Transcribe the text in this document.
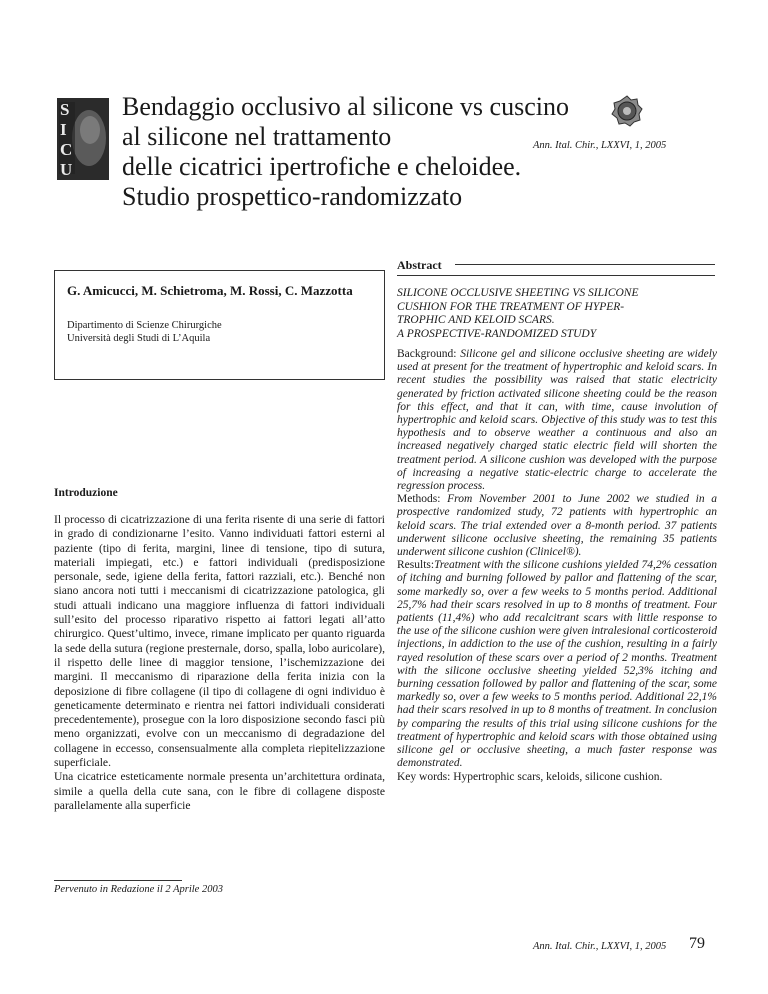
S
I
C
U
Bendaggio occlusivo al silicone vs cuscino
al silicone nel trattamento
delle cicatrici ipertrofiche e cheloidee.
Studio prospettico-randomizzato
Ann. Ital. Chir., LXXVI, 1, 2005
G. Amicucci, M. Schietroma, M. Rossi, C. Mazzotta
Dipartimento di Scienze Chirurgiche
Università degli Studi di L’Aquila
Introduzione

Il processo di cicatrizzazione di una ferita risente di una serie di fattori in grado di condizionarne l’esito. Vanno individuati fattori esterni al paziente (tipo di ferita, margini, linee di tensione, tipo di sutura, materiali impiegati, etc.) e fattori individuali (predisposizione personale, sede, igiene della ferita, fattori razziali, etc.). Benché non siano ancora noti tutti i meccanismi di cicatrizzazione patologica, gli studi attuali indicano una maggiore influenza di fattori individuali sull’esito del processo riparativo rispetto ai fattori legati all’atto chirurgico. Quest’ultimo, invece, rimane implicato per quanto riguarda la sede della sutura (regione presternale, dorso, spalla, lobo auricolare), il rispetto delle linee di maggior tensione, l’ischemizzazione dei margini. Il meccanismo di riparazione della ferita inizia con la deposizione di fibre collagene (il tipo di collagene di ogni individuo è geneticamente determinato e rientra nei fattori individuali considerati precedentemente), prosegue con la loro disposizione secondo fasci più meno organizzati, evolve con un meccanismo di degradazione del collagene in eccesso, consensualmente alla completa riepitelizzazione superficiale.

Una cicatrice esteticamente normale presenta un’architettura ordinata, simile a quella della cute sana, con le fibre di collagene disposte parallelamente alla superficie

Abstract
SILICONE OCCLUSIVE SHEETING VS SILICONE
CUSHION FOR THE TREATMENT OF HYPER-
TROPHIC AND KELOID SCARS.
A PROSPECTIVE-RANDOMIZED STUDY

Background: Silicone gel and silicone occlusive sheeting are widely used at present for the treatment of hypertrophic and keloid scars. In recent studies the possibility was raised that static electricity generated by friction activated silicone sheeting could be the reason for this effect, and that it can, with time, cause involution of hypertrophic and keloid scars. Objective of this study was to test this hypothesis and to observe weather a continuous and also an increased negatively charged static electric field will shorten the treatment period. A silicone cushion was developed with the purpose of increasing a negative static-electric charge to accelerate the regression process.

Methods: From November 2001 to June 2002 we studied in a prospective randomized study, 72 patients with hypertrophic an keloid scars. The trial extended over a 8-month period. 37 patients underwent silicone occlusive sheeting, the remaining 35 patients underwent silicone cushion (Clinicel®).

Results:Treatment with the silicone cushions yielded 74,2% cessation of itching and burning followed by pallor and flattening of the scar, some markedly so, over a few weeks to 5 months period. Additional 25,7% had their scars resolved in up to 8 months of treatment. Four patients (11,4%) who add recalcitrant scars with little response to the use of the silicone cushion were given intralesional corticosteroid injections, in addiction to the use of the cushion, resulting in a fairly rayed resolution of these scars over a period of 2 months. Treatment with the silicone occlusive sheeting yielded 52,3% itching and burning cessation followed by pallor and flattening of the scar, some markedly so, over a few weeks to 5 months period. Additional 22,1% had their scars resolved in up to 8 months of treatment. In conclusion by comparing the results of this trial using silicone cushions for the treatment of hypertrophic and keloid scars with those obtained using silicone gel or occlusive sheeting, a much faster response was demonstrated.

Key words: Hypertrophic scars, keloids, silicone cushion.

Pervenuto in Redazione il 2 Aprile 2003
Ann. Ital. Chir., LXXVI, 1, 2005 79
